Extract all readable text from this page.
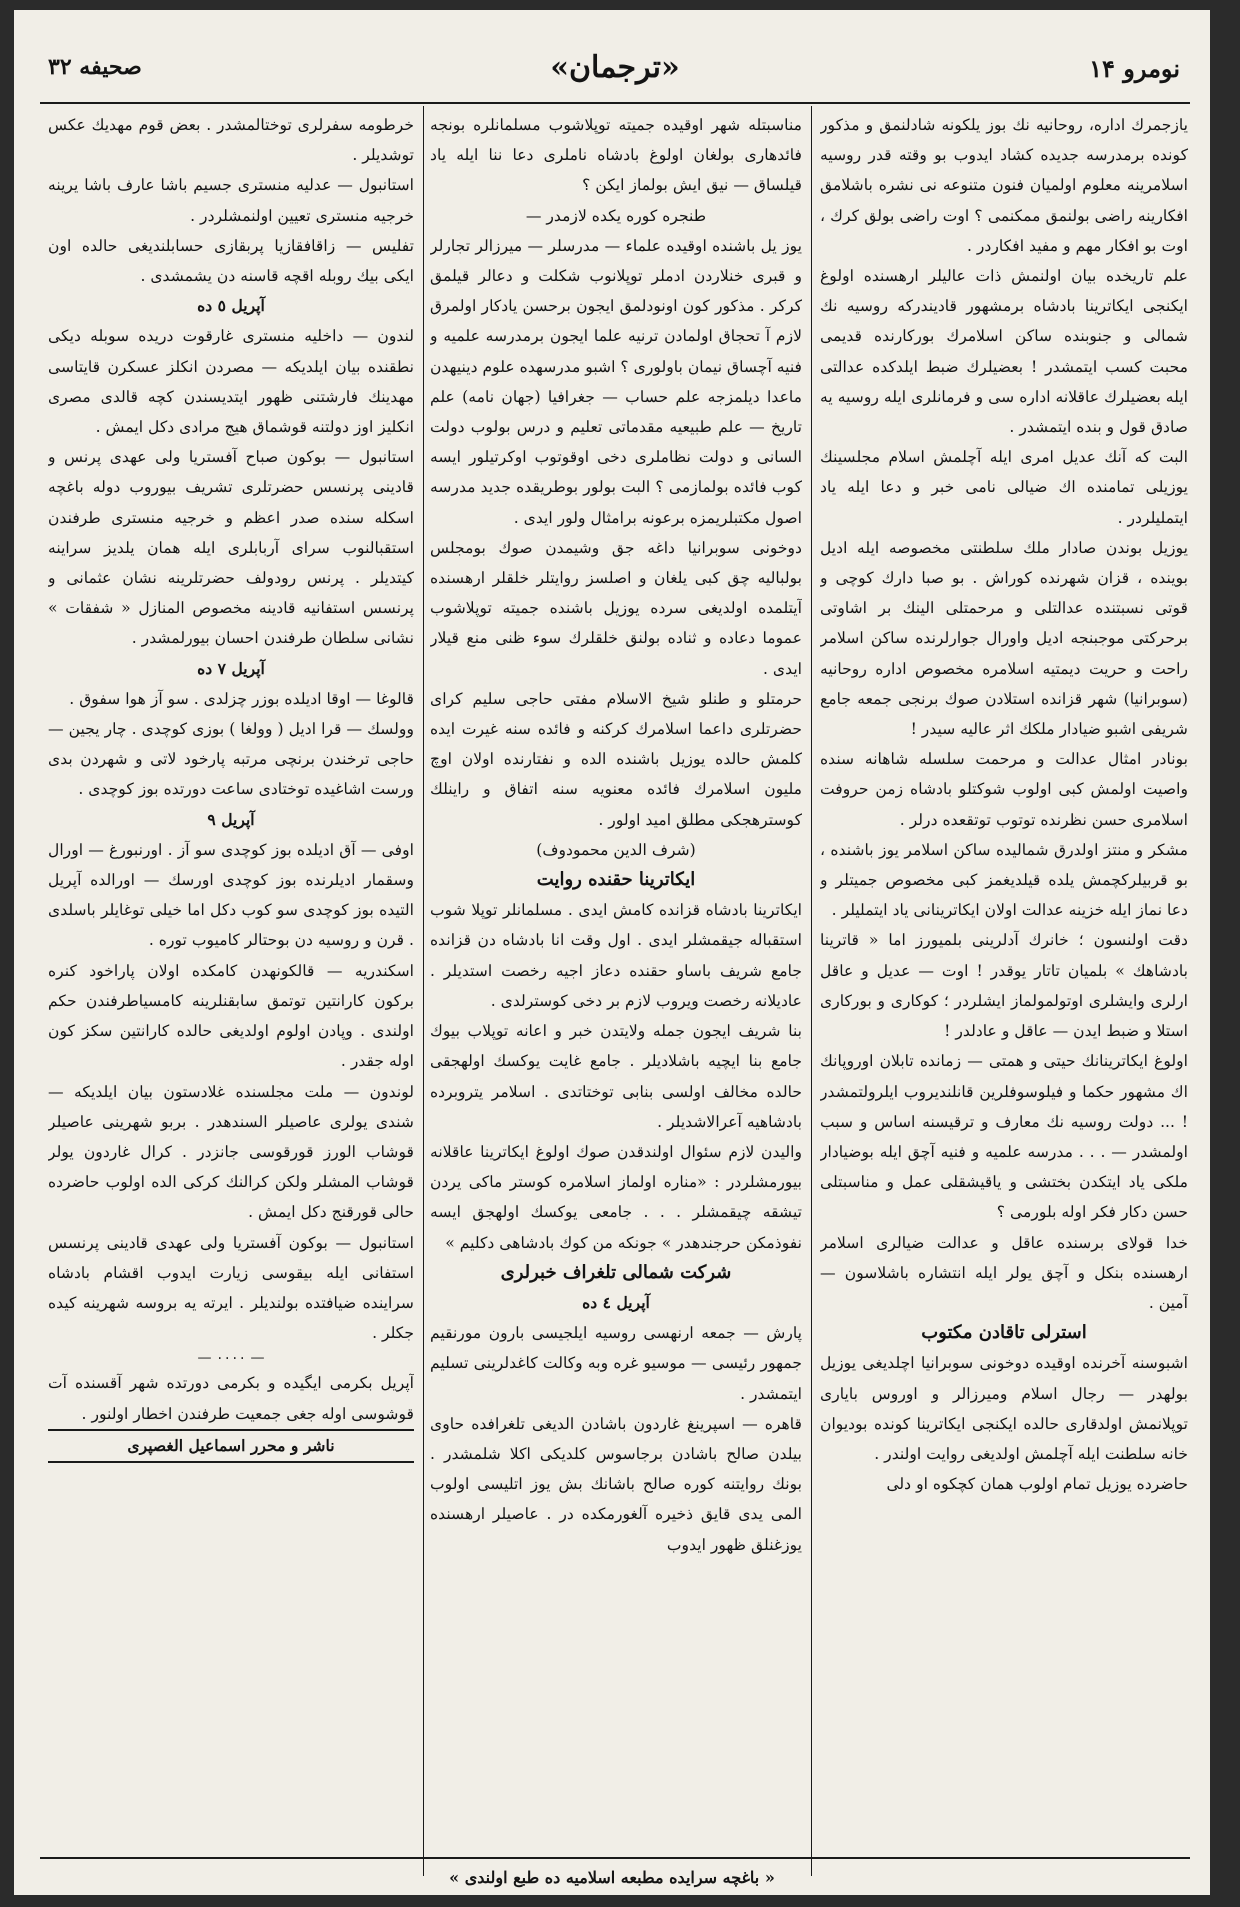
نومرو ۱۴
«ترجمان»
صحیفه ۳۲

یازجمرك اداره، روحانیه نك بوز یلکونه شادلنمق و مذکور کونده برمدرسه جدیده کشاد ایدوب بو وقته قدر روسیه اسلامرینه معلوم اولمیان فنون متنوعه نی نشره باشلامق افکارینه راضی بولنمق ممکنمی ؟ اوت راضی بولق کرك ، اوت بو افکار مهم و مفید افکاردر .

علم تاریخده بیان اولنمش ذات عالیلر ارهسنده اولوغ ایکنجی ایکاترینا بادشاه برمشهور قادیندرکه روسیه نك شمالی و جنوبنده ساکن اسلامرك بورکارنده قدیمی محبت کسب ایتمشدر ! بعضیلرك ضبط ایلدکده عدالتی ایله بعضیلرك عاقلانه اداره سی و فرمانلری ایله روسیه یه صادق قول و بنده ایتمشدر .

البت که آنك عدیل امری ایله آچلمش اسلام مجلسینك یوزیلی تمامنده اك ضیالی نامی خبر و دعا ایله یاد ایتملیلردر .

یوزیل بوندن صادار ملك سلطنتی مخصوصه ایله ادیل بوینده ، قزان شهرنده کوراش . بو صبا دارك کوچی و قوتی نسبتنده عدالتلی و مرحمتلی الینك بر اشاوتی برحرکتی موجبنجه ادیل واورال جوارلرنده ساکن اسلامر راحت و حریت دیمتیه اسلامره مخصوص اداره روحانیه (سوبرانیا) شهر قزانده استلادن صوك برنجی جمعه جامع شریفی اشبو ضیادار ملکك اثر عالیه سیدر !

بونادر امثال عدالت و مرحمت سلسله شاهانه سنده واصیت اولمش کبی اولوب شوکتلو بادشاه زمن حروفت اسلامری حسن نظرنده توتوب توتقعده درلر .

مشکر و منتز اولدرق شمالیده ساکن اسلامر یوز باشنده ، بو قربیلرکچمش یلده قیلدیغمز کبی مخصوص جمیتلر و دعا نماز ایله خزینه عدالت اولان ایکاترینانی یاد ایتملیلر .

دقت اولنسون ؛ خانرك آدلرینی بلمیورز اما « قاترینا بادشاهك » بلمیان تاتار یوقدر ! اوت — عدیل و عاقل ارلری وایشلری اوتولمولماز ایشلردر ؛ کوکاری و بورکاری استلا و ضبط ایدن — عاقل و عادلدر !

اولوغ ایکاترینانك حیتی و همتی — زمانده تابلان اوروپانك اك مشهور حکما و فیلوسوفلرین قانلندیروب ایلرولتمشدر ! ... دولت روسیه نك معارف و ترقیسنه اساس و سبب اولمشدر — . . . مدرسه علمیه و فنیه آچق ایله بوضیادار ملکی یاد ایتکدن بختشی و یاقیشقلی عمل و مناسبتلی حسن دکار فکر اوله بلورمی ؟

خدا قولای برسنده عاقل و عدالت ضیالری اسلامر ارهسنده بنکل و آچق یولر ایله انتشاره باشلاسون — آمین .

استرلی تاقادن مکتوب

اشبوسنه آخرنده اوقیده دوخونی سوبرانیا اچلدیغی یوزیل بولهدر — رجال اسلام ومیرزالر و اوروس بایاری توپلانمش اولدقاری حالده ایکنجی ایکاترینا کونده بودیوان خانه سلطنت ایله آچلمش اولدیغی روایت اولندر .

حاضرده یوزیل تمام اولوب همان کچکوه او دلی

مناسبتله شهر اوقیده جمیته توپلاشوب مسلمانلره بونجه فائدهاری بولغان اولوغ بادشاه ناملری دعا ننا ایله یاد قیلساق — نیق ایش بولماز ایکن ؟

طنجره کوره یکده لازمدر —

یوز یل باشنده اوقیده علماء — مدرسلر — میرزالر تجارلر و قبری خنلاردن ادملر توپلانوب شکلت و دعالر قیلمق کرکر . مذکور کون اونودلمق ایجون برحسن یادکار اولمرق لازم آ تحجاق اولمادن ترنیه علما ایجون برمدرسه علمیه و فنیه آچساق نیمان باولوری ؟ اشبو مدرسهده علوم دینیهدن ماعدا دیلمزجه علم حساب — جغرافیا (جهان نامه) علم تاریخ — علم طبیعیه مقدماتی تعلیم و درس بولوب دولت السانی و دولت نظاملری دخی اوقوتوب اوکرتیلور ایسه کوب فائده بولمازمی ؟ البت بولور بوطریقده جدید مدرسه اصول مکتبلریمزه برعونه برامثال ولور ایدی .

دوخونی سوبرانیا داغه جق وشیمدن صوك بومجلس بولبالیه چق کبی یلغان و اصلسز روایتلر خلقلر ارهسنده آیتلمده اولدیغی سرده یوزیل باشنده جمیته توپلاشوب عموما دعاده و ثناده بولنق خلقلرك سوء ظنی منع قیلار ایدی .

حرمتلو و طنلو شیخ الاسلام مفتی حاجی سلیم کرای حضرتلری داعما اسلامرك کرکنه و فائده سنه غیرت ایده کلمش حالده یوزیل باشنده الده و نفتارنده اولان اوچ ملیون اسلامرك فائده معنویه سنه اتفاق و راینلك کوسترهجکی مطلق امید اولور .

(شرف الدین محمودوف)

ایکاترینا حقنده روایت

ایکاترینا بادشاه قزانده کامش ایدی . مسلمانلر توپلا شوب استقباله جیقمشلر ایدی . اول وقت انا بادشاه دن قزانده جامع شریف باساو حقنده دعاز اجیه رخصت استدیلر . عادیلانه رخصت ویروب لازم بر دخی کوسترلدی .

بنا شریف ایجون جمله ولایتدن خبر و اعانه توپلاب بیوك جامع بنا ایچیه باشلادیلر . جامع غایت یوکسك اولهجقی حالده مخالف اولسی بنابی توختاتدی . اسلامر یتروبرده بادشاهیه آعرالاشدیلر .

والیدن لازم سئوال اولندقدن صوك اولوغ ایکاترینا عاقلانه بیورمشلردر : «مناره اولماز اسلامره کوستر ماکی یردن تیشقه چیقمشلر . . . جامعی یوکسك اولهجق ایسه نفوذمکن حرجندهدر » جونکه من کوك بادشاهی دکلیم »

شرکت شمالی تلغراف خبرلری

آپریل ٤ ده

پارش — جمعه ارنهسی روسیه ایلجیسی بارون مورنقیم جمهور رئیسی — موسیو غره وبه وکالت کاغدلرینی تسلیم ایتمشدر .

قاهره — اسپرینغ غاردون باشادن الدیغی تلغرافده حاوی بیلدن صالح باشادن برجاسوس کلدیکی اکلا شلمشدر . بونك روایتنه کوره صالح باشانك بش یوز اتلیسی اولوب المی یدی قایق ذخیره آلغورمکده در . عاصیلر ارهسنده یوزغنلق ظهور ایدوب

خرطومه سفرلری توختالمشدر . بعض قوم مهدیك عکس توشدیلر .

استانبول — عدلیه منستری جسیم باشا عارف باشا یرینه خرجیه منستری تعیین اولنمشلردر .

تفلیس — زاقافقازیا پربقازی حسابلندیغی حالده اون ایکی بیك روبله اقچه قاسنه دن یشمشدی .

آپریل ٥ ده

لندون — داخلیه منستری غارقوت دریده سوبله دیکی نطقنده بیان ایلدیکه — مصردن انکلز عسکرن قایتاسی مهدینك فارشتنی ظهور ایتدیسندن کچه قالدی مصری انکلیز اوز دولتنه قوشماق هیج مرادی دکل ایمش .

استانبول — بوکون صباح آفستریا ولی عهدی پرنس و قادینی پرنسس حضرتلری تشریف بیوروب دوله باغچه اسکله سنده صدر اعظم و خرجیه منستری طرفندن استقبالنوب سرای آربابلری ایله همان یلدیز سراینه کیتدیلر . پرنس رودولف حضرتلرینه نشان عثمانی و پرنسس استفانیه قادینه مخصوص المنازل « شفقات » نشانی سلطان طرفندن احسان بیورلمشدر .

آپریل ٧ ده

قالوغا — اوقا ادیلده بوزر چزلدی . سو آز هوا سفوق .

وولسك — قرا ادیل ( وولغا ) بوزی کوچدی . چار یجین — حاجی ترخندن برنچی مرتبه پارخود لاتی و شهردن بدی ورست اشاغیده توختادی ساعت دورتده بوز کوچدی .

آپریل ۹

اوفی — آق ادیلده بوز کوچدی سو آز . اورنبورغ — اورال وسقمار ادیلرنده بوز کوچدی اورسك — اورالده آپریل التیده بوز کوچدی سو کوب دکل اما خیلی توغایلر باسلدی . قرن و روسیه دن بوحتالر کامیوب توره .

اسکندریه — قالکونهدن کامکده اولان پاراخود کنره برکون کارانتین توتمق سابقنلرینه کامسیاطرفندن حکم اولندی . وپادن اولوم اولدیغی حالده کارانتین سکز کون اوله جقدر .

لوندون — ملت مجلسنده غلادستون بیان ایلدیکه — شندی یولری عاصیلر السندهدر . بربو شهرینی عاصیلر قوشاب الورز قورقوسی جانزدر . کرال غاردون یولر قوشاب المشلر ولکن کرالنك کرکی الده اولوب حاضرده حالی قورقنج دکل ایمش .

استانبول — بوکون آفستریا ولی عهدی قادینی پرنسس استفانی ایله بیقوسی زیارت ایدوب اقشام بادشاه سراینده ضیافتده بولندیلر . ایرته یه بروسه شهرینه کیده جکلر .

— ۰۰۰۰ —

آپریل بکرمی ایگیده و بکرمی دورتده شهر آقسنده آت قوشوسی اوله جغی جمعیت طرفندن اخطار اولنور .

ناشر و محرر اسماعیل الغصپری

« باغچه سرایده مطبعه اسلامیه ده طبع اولندی »
